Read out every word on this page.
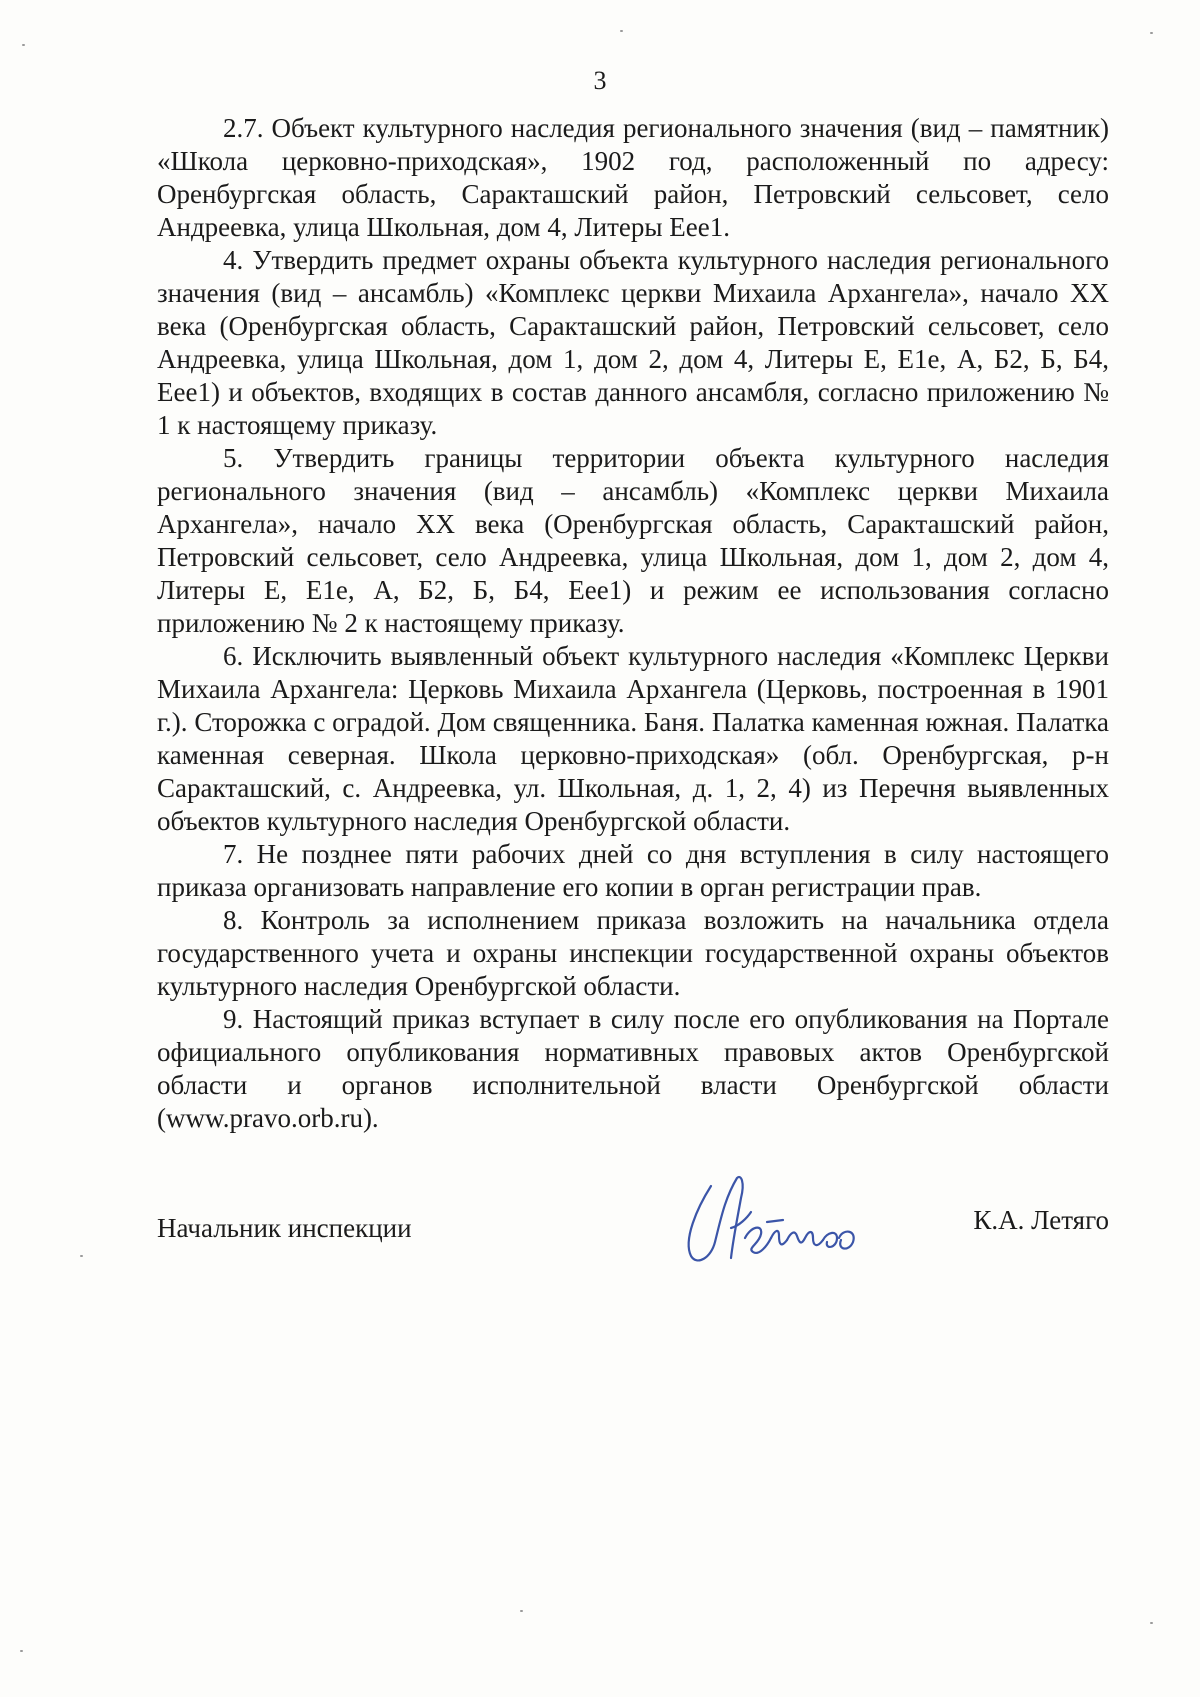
3

2.7. Объект культурного наследия регионального значения (вид – памятник) «Школа церковно-приходская», 1902 год, расположенный по адресу: Оренбургская область, Саракташский район, Петровский сельсовет, село Андреевка, улица Школьная, дом 4, Литеры Еее1.

4. Утвердить предмет охраны объекта культурного наследия регионального значения (вид – ансамбль) «Комплекс церкви Михаила Архангела», начало XX века (Оренбургская область, Саракташский район, Петровский сельсовет, село Андреевка, улица Школьная, дом 1, дом 2, дом 4, Литеры Е, Е1е, А, Б2, Б, Б4, Еее1) и объектов, входящих в состав данного ансамбля, согласно приложению № 1 к настоящему приказу.

5. Утвердить границы территории объекта культурного наследия регионального значения (вид – ансамбль) «Комплекс церкви Михаила Архангела», начало XX века (Оренбургская область, Саракташский район, Петровский сельсовет, село Андреевка, улица Школьная, дом 1, дом 2, дом 4, Литеры Е, Е1е, А, Б2, Б, Б4, Еее1) и режим ее использования согласно приложению № 2 к настоящему приказу.

6. Исключить выявленный объект культурного наследия «Комплекс Церкви Михаила Архангела: Церковь Михаила Архангела (Церковь, построенная в 1901 г.). Сторожка с оградой. Дом священника. Баня. Палатка каменная южная. Палатка каменная северная. Школа церковно-приходская» (обл. Оренбургская, р-н Саракташский, с. Андреевка, ул. Школьная, д. 1, 2, 4) из Перечня выявленных объектов культурного наследия Оренбургской области.

7. Не позднее пяти рабочих дней со дня вступления в силу настоящего приказа организовать направление его копии в орган регистрации прав.

8. Контроль за исполнением приказа возложить на начальника отдела государственного учета и охраны инспекции государственной охраны объектов культурного наследия Оренбургской области.

9. Настоящий приказ вступает в силу после его опубликования на Портале официального опубликования нормативных правовых актов Оренбургской области и органов исполнительной власти Оренбургской области (www.pravo.orb.ru).

Начальник инспекции	К.А. Летяго
